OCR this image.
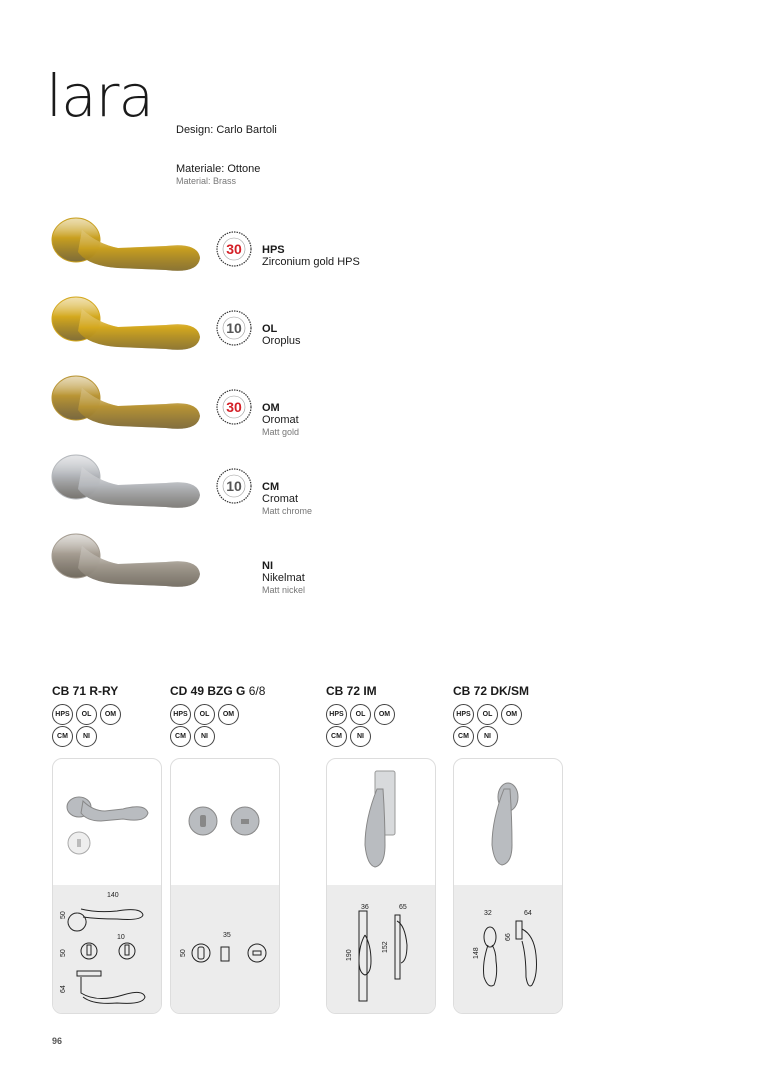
lara Design: Carlo Bartoli
Materiale: Ottone
Material: Brass
30 HPS
Zirconium gold HPS
10 OL
Oroplus
30 OM
Oromat
Matt gold
10 CM
Cromat
Matt chrome
NI
Nikelmat
Matt nickel
CB 71 R-RY
HPS	OL	OM
CM	NI
140
50
10
50
64
CD 49 BZG G 6/8
HPS	OL	OM
CM	NI
35
50
CB 72 IM
HPS	OL	OM
CM	NI
36	65
190
152
CB 72 DK/SM
HPS	OL	OM
CM	NI
32	64
148
66
96
